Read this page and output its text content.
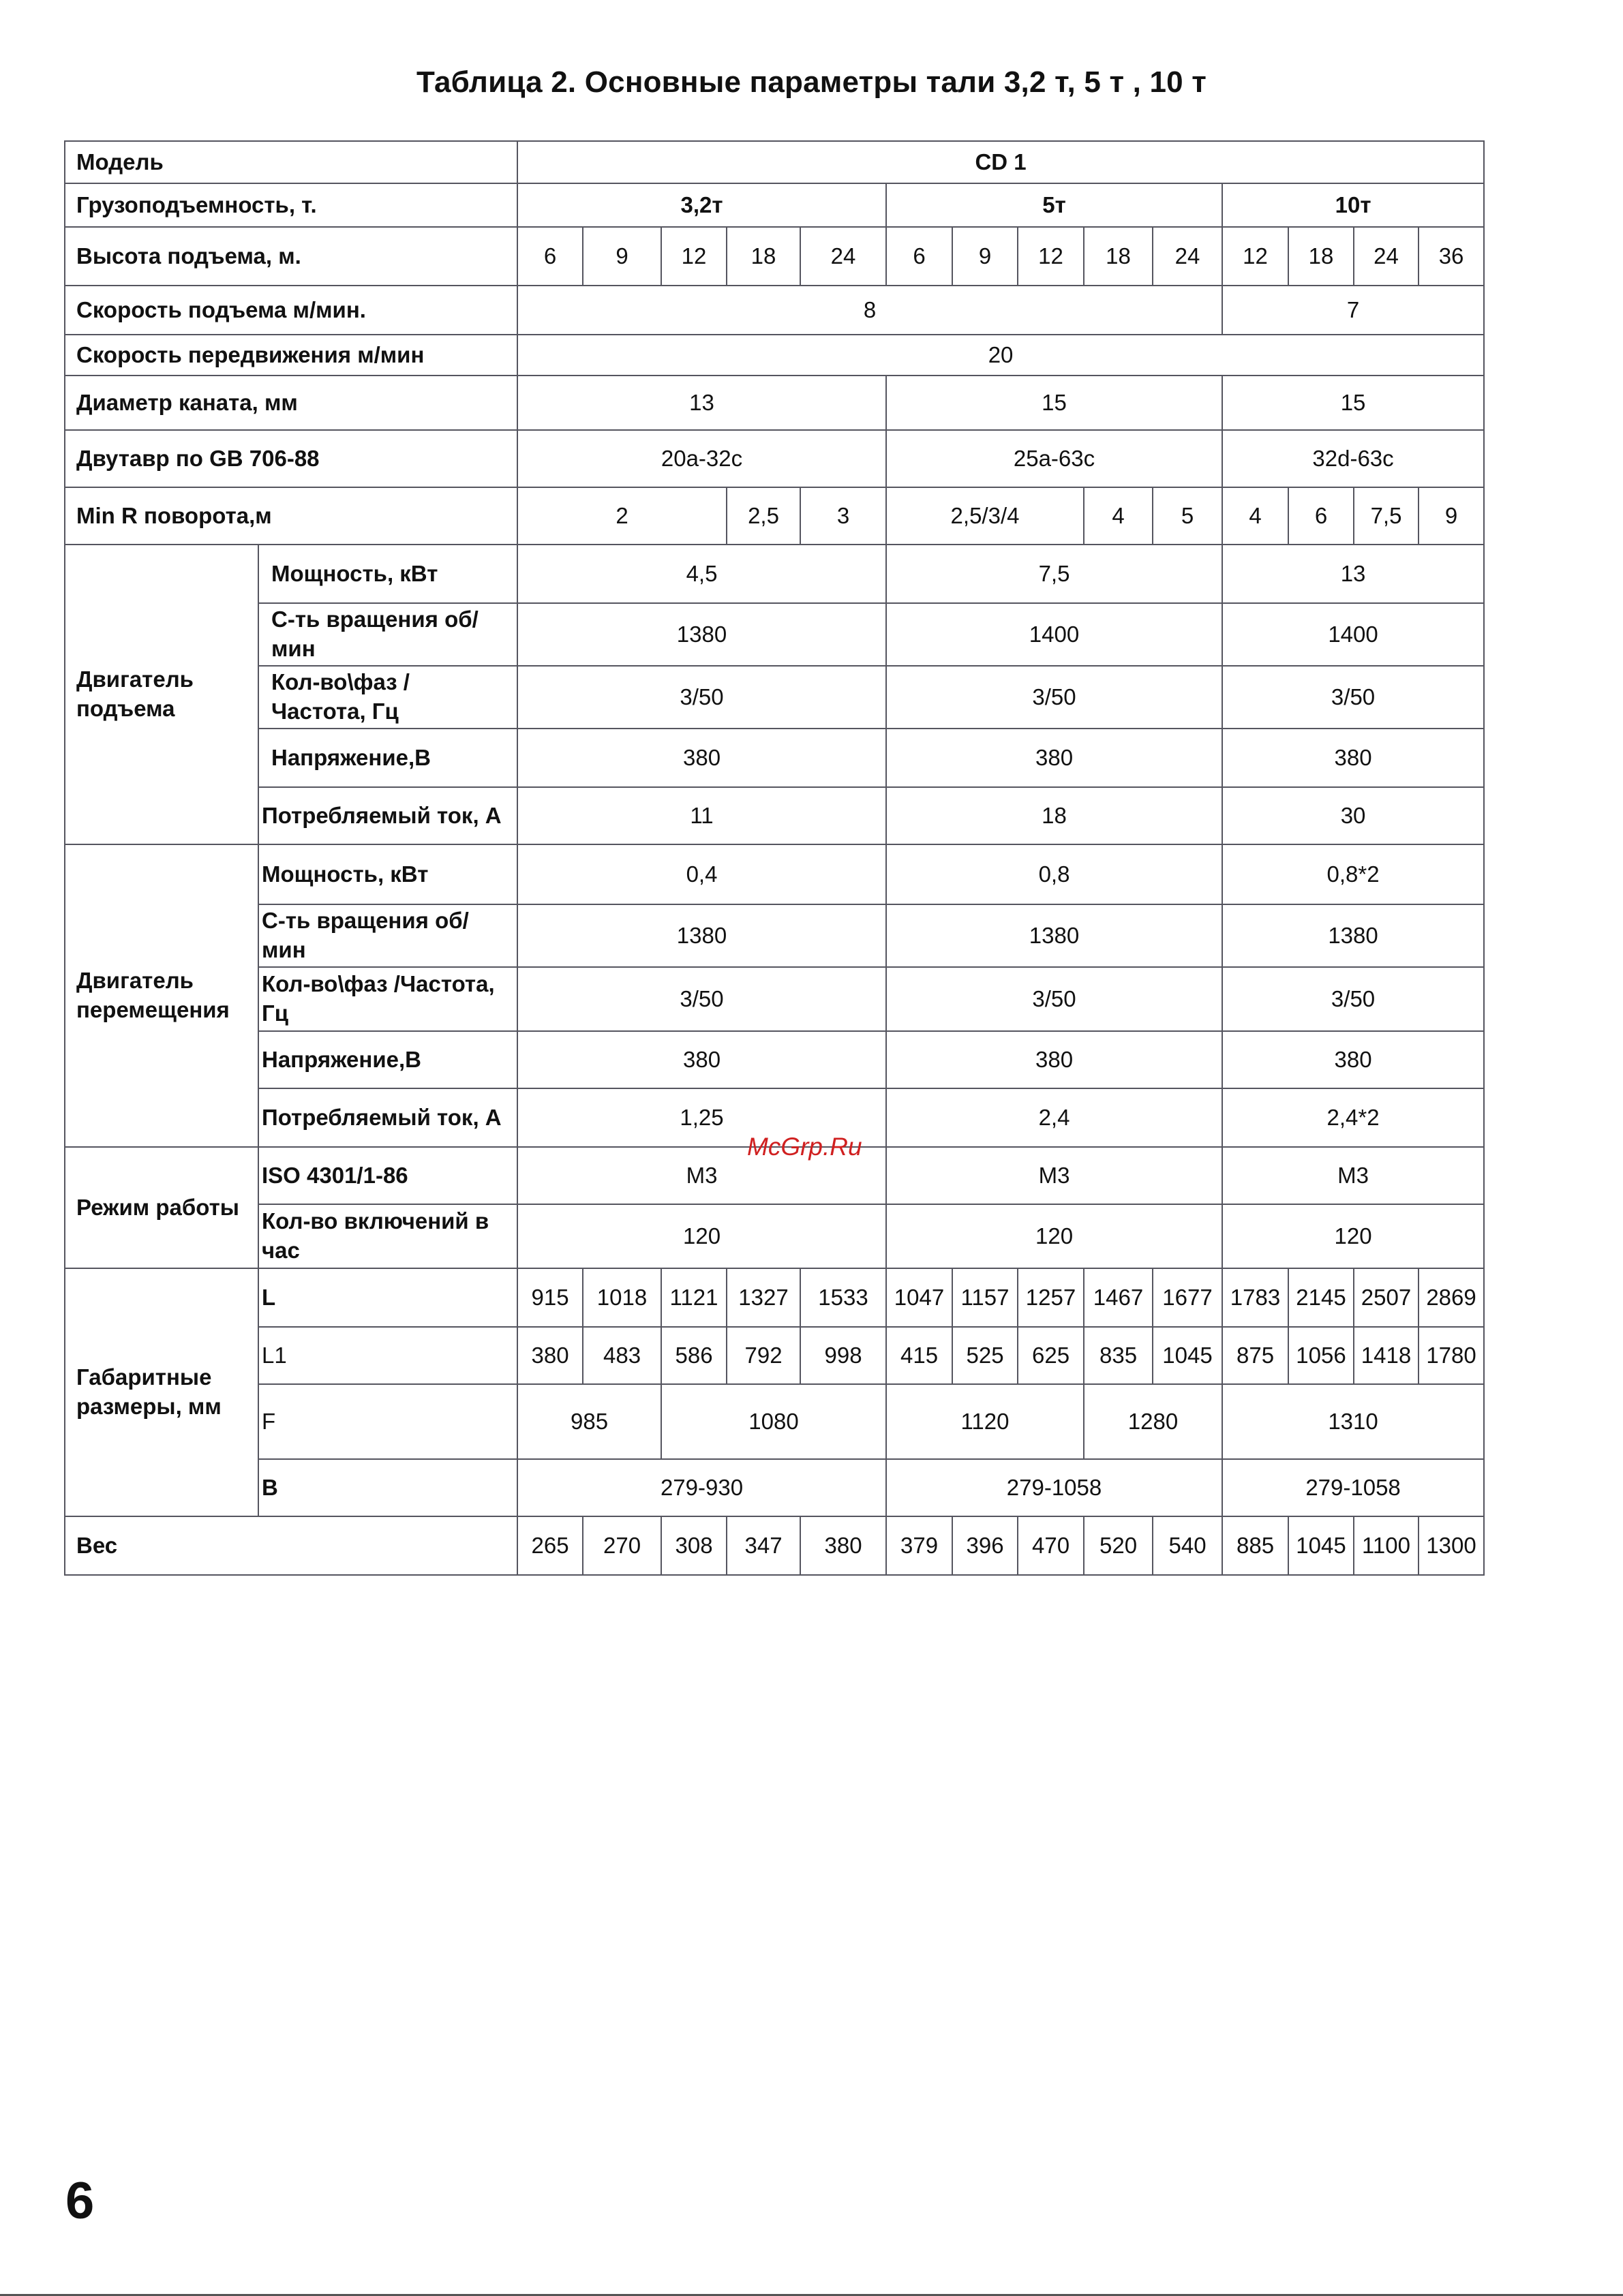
Таблица 2. Основные параметры тали 3,2 т, 5 т , 10 т
Модель		CD 1													
Грузоподъемность, т.		3,2т					5т					10т			
Высота подъема, м.		6	9	12	18	24	6	9	12	18	24	12	18	24	36
Скорость подъема м/мин.		8										7			
Скорость передвижения м/мин		20													
Диаметр каната, мм		13					15					15			
Двутавр по GB 706-88		20a-32c					25a-63c					32d-63c			
Min R поворота,м		2			2,5	3	2,5/3/4			4	5	4	6	7,5	9
Двигатель подъема	Мощность, кВт	4,5					7,5					13			
	С-ть вращения об/мин	1380					1400					1400			
	Кол-во\фаз / Частота, Гц	3/50					3/50					3/50			
	Напряжение,В	380					380					380			
	Потребляемый ток, А	11					18					30			
Двигатель перемещения	Мощность, кВт	0,4					0,8					0,8*2			
	С-ть вращения об/мин	1380					1380					1380			
	Кол-во\фаз /Частота, Гц	3/50					3/50					3/50			
	Напряжение,В	380					380					380			
	Потребляемый ток, А	1,25					2,4					2,4*2			
Режим работы	ISO 4301/1-86	M3					M3					M3			
	Кол-во включений в час	120					120					120			
Габаритные размеры, мм	L	915	1018	1121	1327	1533	1047	1157	1257	1467	1677	1783	2145	2507	2869
	L1	380	483	586	792	998	415	525	625	835	1045	875	1056	1418	1780
	F	985		1080			1120			1280		1310			
	B	279-930					279-1058					279-1058			
Вес		265	270	308	347	380	379	396	470	520	540	885	1045	1100	1300
McGrp.Ru
6
